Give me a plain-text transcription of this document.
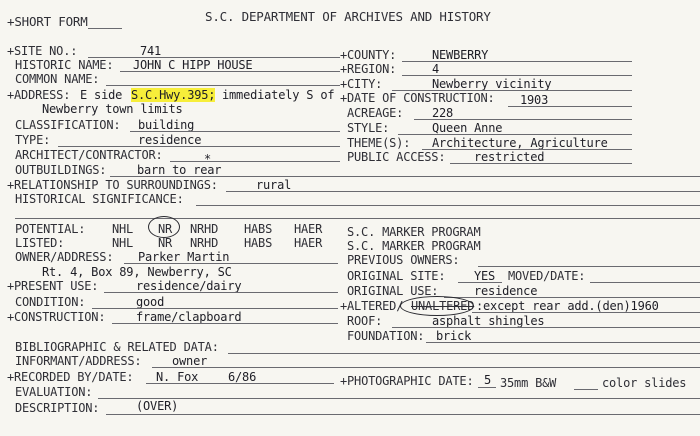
+SHORT FORM	S.C. DEPARTMENT OF ARCHIVES AND HISTORY
+SITE NO.:	741
HISTORIC NAME: JOHN C HIPP HOUSE
COMMON NAME:
+ADDRESS: E side S.C.Hwy.395; immediately S of
Newberry town limits
CLASSIFICATION: building
TYPE:	residence
ARCHITECT/CONTRACTOR:	*
OUTBUILDINGS:	barn to rear
+RELATIONSHIP TO SURROUNDINGS:	rural
HISTORICAL SIGNIFICANCE:
+COUNTY:	NEWBERRY
+REGION:	4
+CITY:	Newberry vicinity
+DATE OF CONSTRUCTION: 1903
ACREAGE: 228
STYLE:	Queen Anne
THEME(S): Architecture, Agriculture
PUBLIC ACCESS: restricted
POTENTIAL: NHL NR NRHD HABS HAER
LISTED:	NHL NR NRHD HABS HAER
OWNER/ADDRESS: Parker Martin
Rt. 4, Box 89, Newberry, SC
+PRESENT USE:	residence/dairy
CONDITION:	good
+CONSTRUCTION:	frame/clapboard
BIBLIOGRAPHIC & RELATED DATA:
INFORMANT/ADDRESS:	owner
+RECORDED BY/DATE: N. Fox 6/86
EVALUATION:
DESCRIPTION:	(OVER)
S.C. MARKER PROGRAM
S.C. MARKER PROGRAM
PREVIOUS OWNERS:
ORIGINAL SITE: YES MOVED/DATE:
ORIGINAL USE:	residence
+ALTERED/ UNALTERED :except rear add.(den)1960
ROOF:	asphalt shingles
FOUNDATION: brick
+PHOTOGRAPHIC DATE: 5 35mm B&W	color slides
